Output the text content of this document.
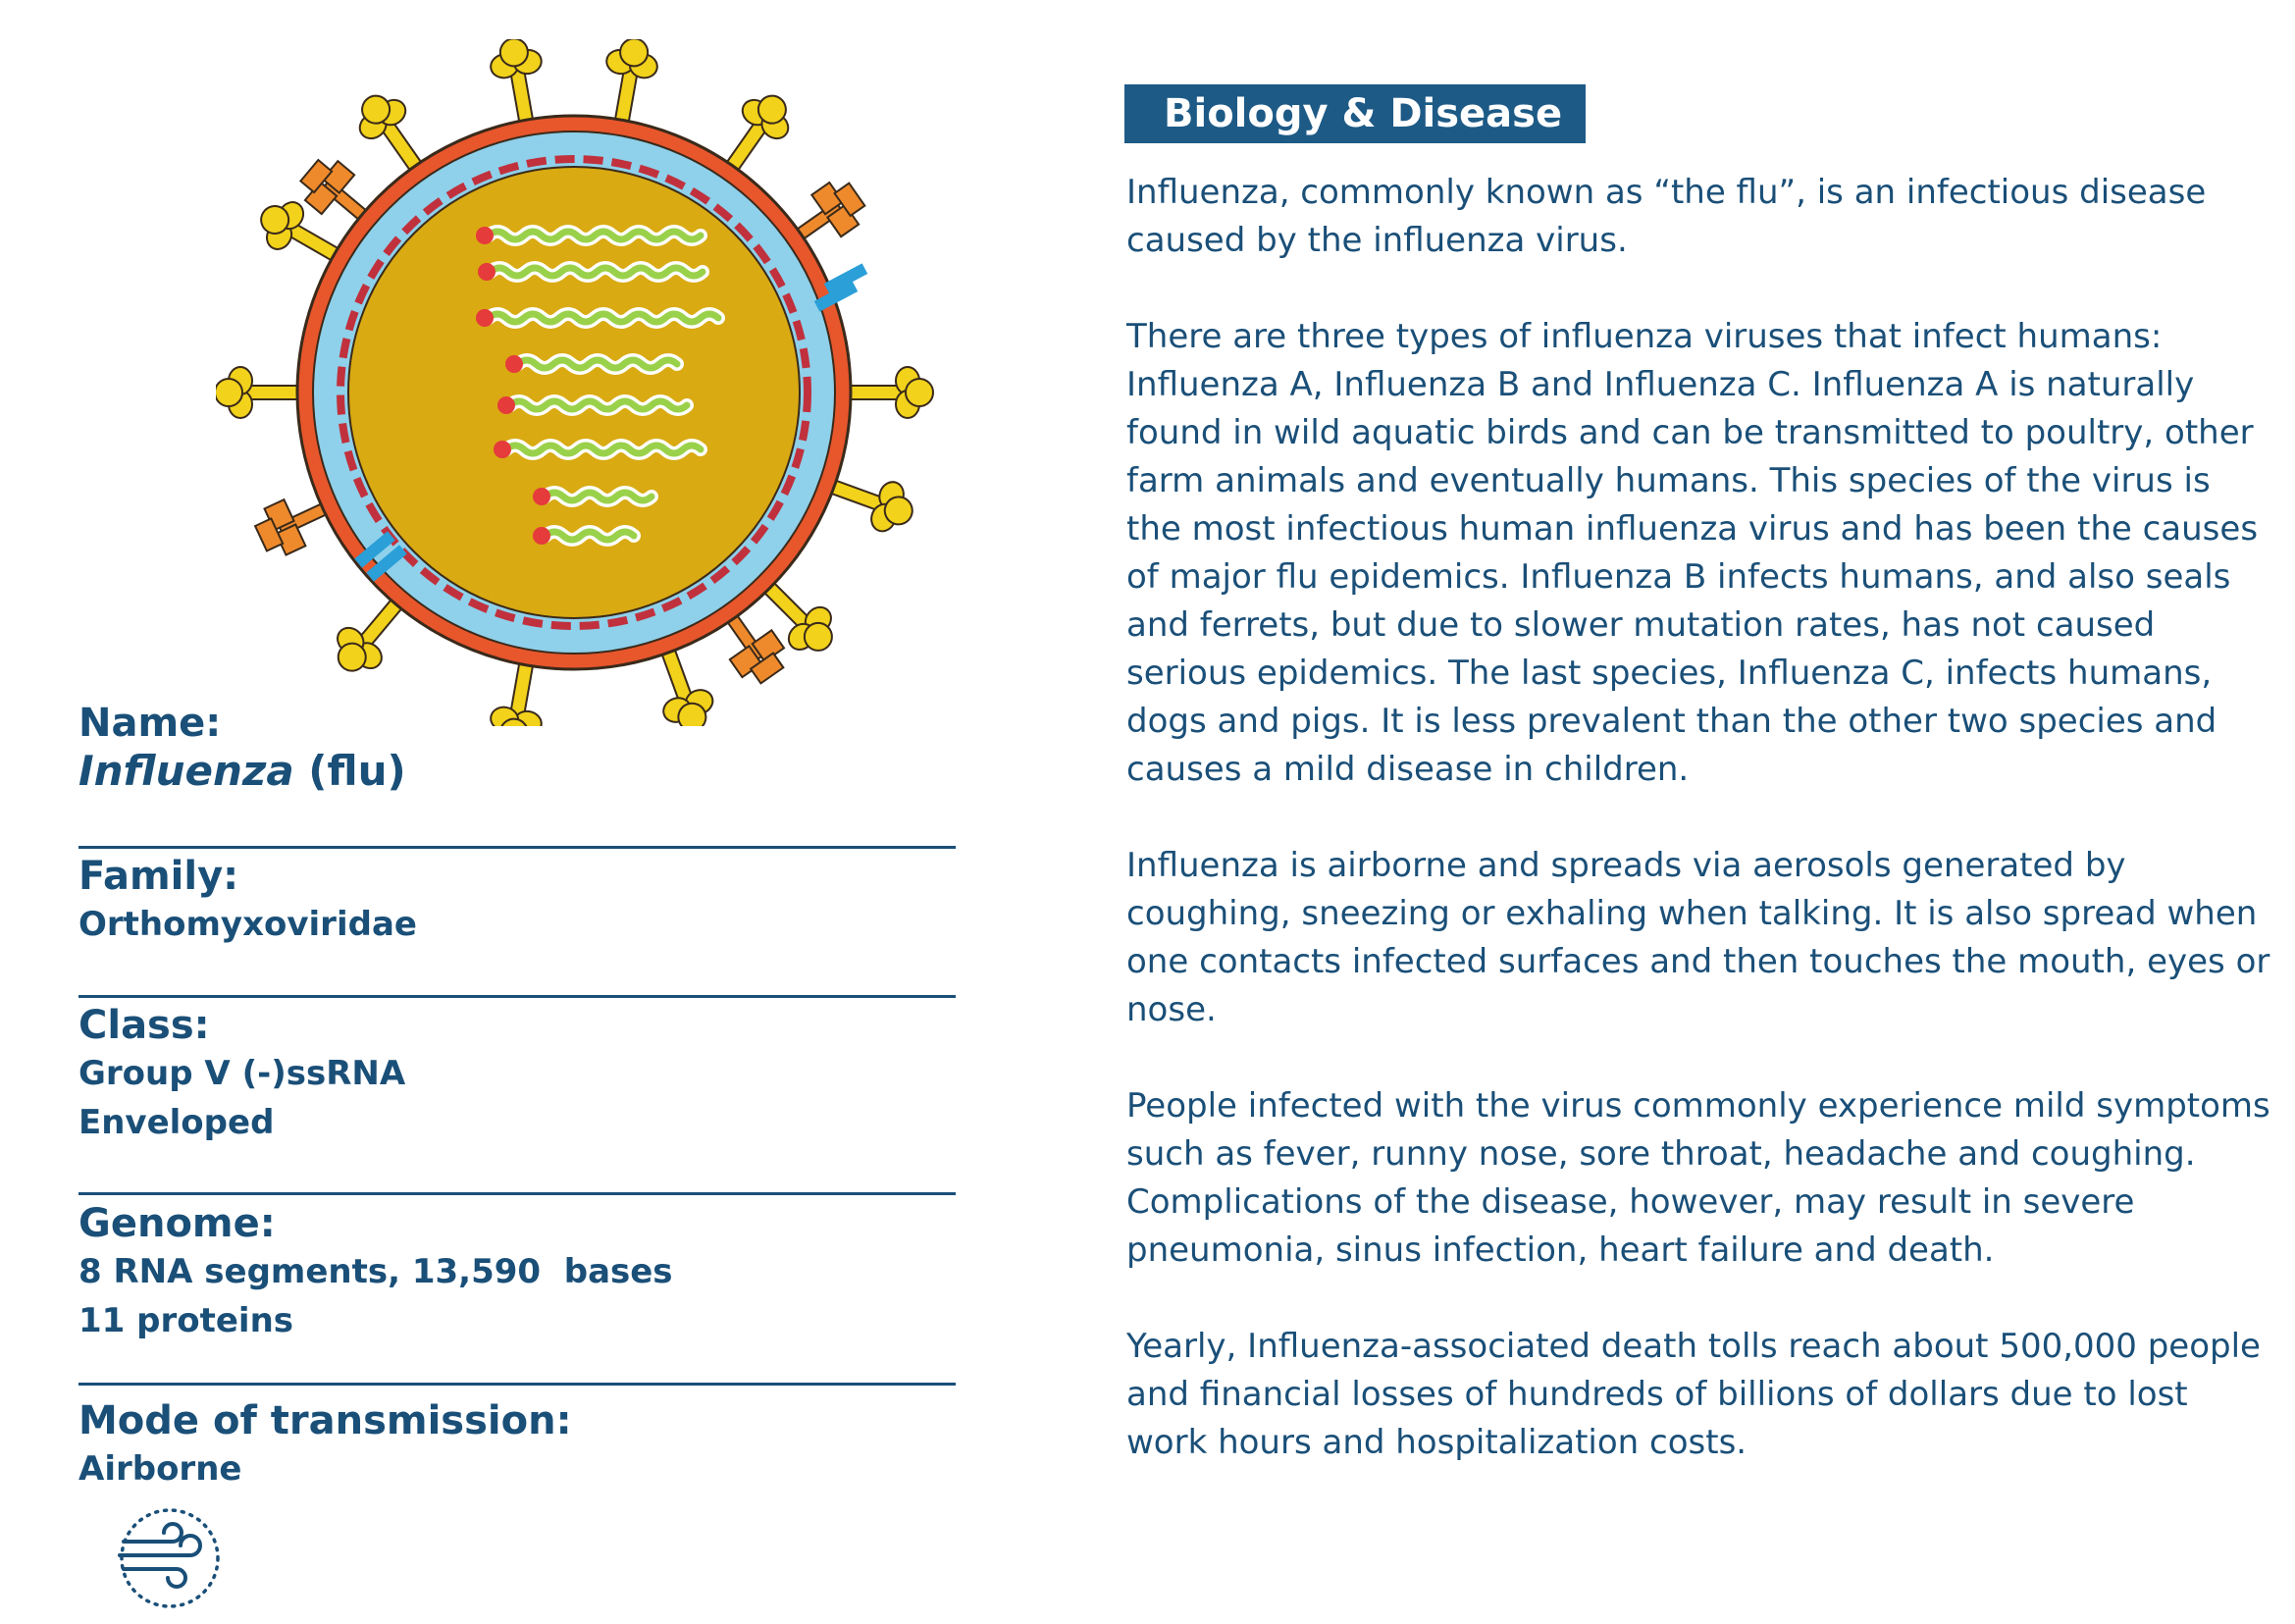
Name:
Influenza (flu)
Family:
Orthomyxoviridae
Class:
Group V (-)ssRNA
Enveloped
Genome:
8 RNA segments, 13,590  bases
11 proteins
Mode of transmission:
Airborne
Biology & Disease

Influenza, commonly known as “the flu”, is an infectious disease caused by the influenza virus.

There are three types of influenza viruses that infect humans: Influenza A, Influenza B and Influenza C. Influenza A is naturally found in wild aquatic birds and can be transmitted to poultry, other farm animals and eventually humans. This species of the virus is the most infectious human influenza virus and has been the causes of major flu epidemics. Influenza B infects humans, and also seals and ferrets, but due to slower mutation rates, has not caused serious epidemics. The last species, Influenza C, infects humans, dogs and pigs. It is less prevalent than the other two species and causes a mild disease in children.

Influenza is airborne and spreads via aerosols generated by coughing, sneezing or exhaling when talking. It is also spread when one contacts infected surfaces and then touches the mouth, eyes or nose.

People infected with the virus commonly experience mild symptoms such as fever, runny nose, sore throat, headache and coughing. Complications of the disease, however, may result in severe pneumonia, sinus infection, heart failure and death.

Yearly, Influenza-associated death tolls reach about 500,000 people and financial losses of hundreds of billions of dollars due to lost work hours and hospitalization costs.
